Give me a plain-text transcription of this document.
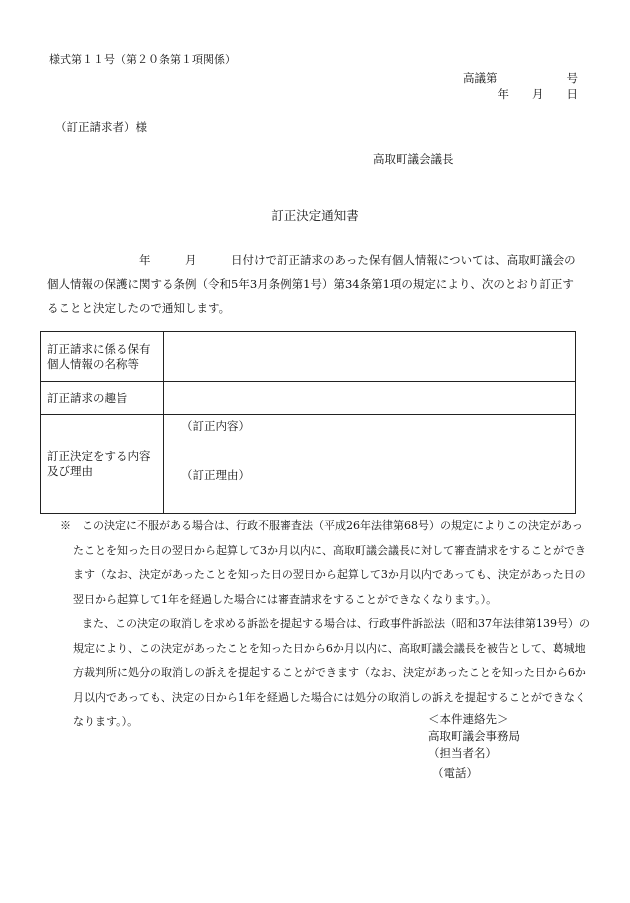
様式第１１号（第２０条第１項関係）
高議第　　　　　　号
年　　月　　日
（訂正請求者）様
高取町議会議長
訂正決定通知書

　　　　　　　　年　　　月　　　日付けで訂正請求のあった保有個人情報については、高取町議会の個人情報の保護に関する条例（令和5年3月条例第1号）第34条第1項の規定により、次のとおり訂正することと決定したので通知します。

訂正請求に係る保有個人情報の名称等	
訂正請求の趣旨	
訂正決定をする内容及び理由	（訂正内容）
（訂正理由）

※　この決定に不服がある場合は、行政不服審査法（平成26年法律第68号）の規定によりこの決定があったことを知った日の翌日から起算して3か月以内に、高取町議会議長に対して審査請求をすることができます（なお、決定があったことを知った日の翌日から起算して3か月以内であっても、決定があった日の翌日から起算して1年を経過した場合には審査請求をすることができなくなります。）。

また、この決定の取消しを求める訴訟を提起する場合は、行政事件訴訟法（昭和37年法律第139号）の規定により、この決定があったことを知った日から6か月以内に、高取町議会議長を被告として、葛城地方裁判所に処分の取消しの訴えを提起することができます（なお、決定があったことを知った日から6か月以内であっても、決定の日から1年を経過した場合には処分の取消しの訴えを提起することができなくなります。）。	＜本件連絡先＞
高取町議会事務局
（担当者名）
（電話）
